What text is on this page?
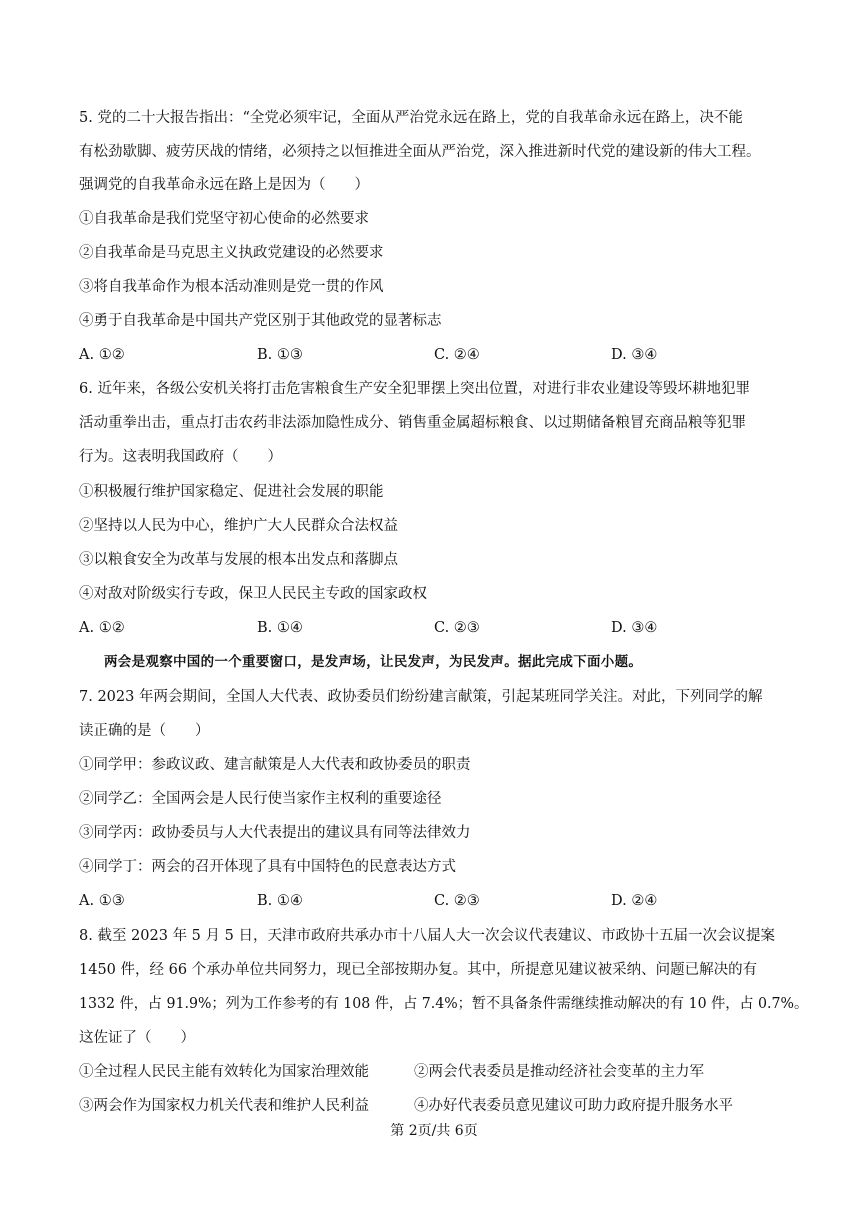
5. 党的二十大报告指出：“全党必须牢记，全面从严治党永远在路上，党的自我革命永远在路上，决不能
有松劲歇脚、疲劳厌战的情绪，必须持之以恒推进全面从严治党，深入推进新时代党的建设新的伟大工程。
强调党的自我革命永远在路上是因为（　　）
①自我革命是我们党坚守初心使命的必然要求
②自我革命是马克思主义执政党建设的必然要求
③将自我革命作为根本活动准则是党一贯的作风
④勇于自我革命是中国共产党区别于其他政党的显著标志
A. ①②	B. ①③	C. ②④	D. ③④
6. 近年来，各级公安机关将打击危害粮食生产安全犯罪摆上突出位置，对进行非农业建设等毁坏耕地犯罪
活动重拳出击，重点打击农药非法添加隐性成分、销售重金属超标粮食、以过期储备粮冒充商品粮等犯罪
行为。这表明我国政府（　　）
①积极履行维护国家稳定、促进社会发展的职能
②坚持以人民为中心，维护广大人民群众合法权益
③以粮食安全为改革与发展的根本出发点和落脚点
④对敌对阶级实行专政，保卫人民民主专政的国家政权
A. ①②	B. ①④	C. ②③	D. ③④
两会是观察中国的一个重要窗口，是发声场，让民发声，为民发声。据此完成下面小题。
7. 2023 年两会期间，全国人大代表、政协委员们纷纷建言献策，引起某班同学关注。对此，下列同学的解
读正确的是（　　）
①同学甲：参政议政、建言献策是人大代表和政协委员的职责
②同学乙：全国两会是人民行使当家作主权利的重要途径
③同学丙：政协委员与人大代表提出的建议具有同等法律效力
④同学丁：两会的召开体现了具有中国特色的民意表达方式
A. ①③	B. ①④	C. ②③	D. ②④
8. 截至 2023 年 5 月 5 日，天津市政府共承办市十八届人大一次会议代表建议、市政协十五届一次会议提案
1450 件，经 66 个承办单位共同努力，现已全部按期办复。其中，所提意见建议被采纳、问题已解决的有
1332 件，占 91.9%；列为工作参考的有 108 件，占 7.4%；暂不具备条件需继续推动解决的有 10 件，占 0.7%。
这佐证了（　　）
①全过程人民民主能有效转化为国家治理效能	②两会代表委员是推动经济社会变革的主力军
③两会作为国家权力机关代表和维护人民利益	④办好代表委员意见建议可助力政府提升服务水平
第 2页/共 6页
